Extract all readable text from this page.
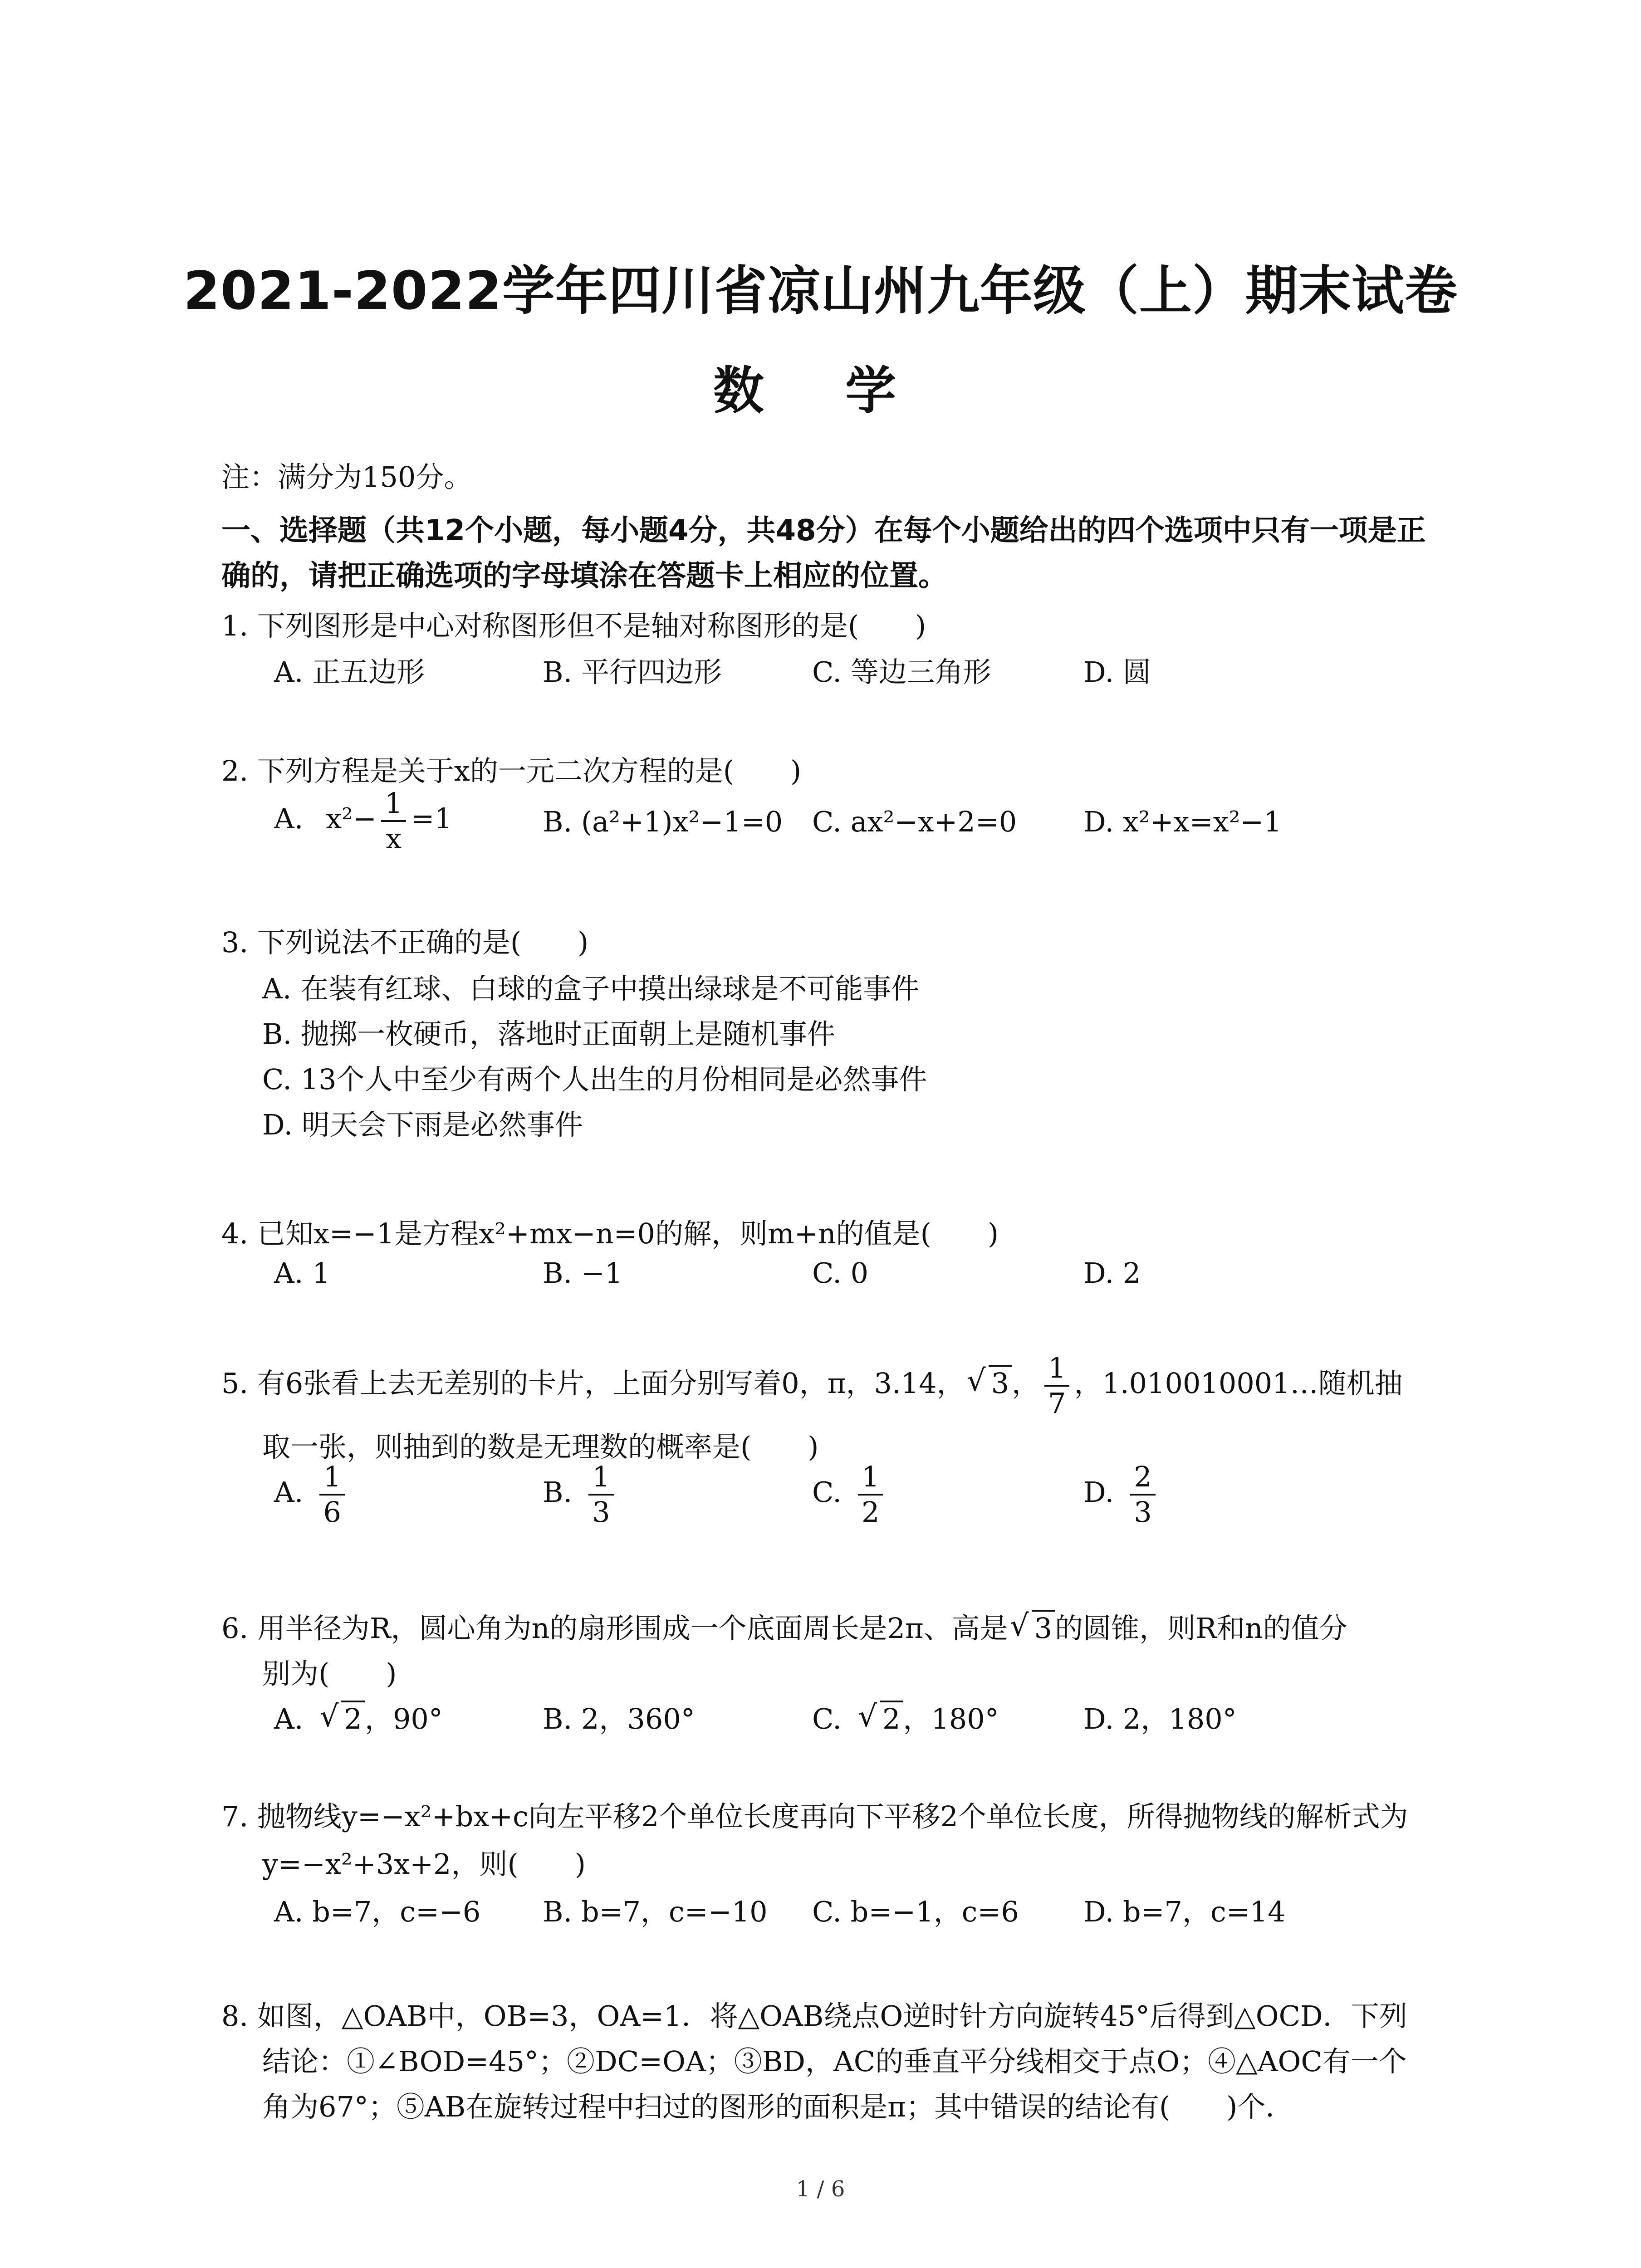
2021-2022学年四川省凉山州九年级（上）期末试卷
数 学
注：满分为150分。
一、选择题（共12个小题，每小题4分，共48分）在每个小题给出的四个选项中只有一项是正确的，请把正确选项的字母填涂在答题卡上相应的位置。
1. 下列图形是中心对称图形但不是轴对称图形的是(　　)
A. 正五边形	B. 平行四边形	C. 等边三角形	D. 圆
2. 下列方程是关于x的一元二次方程的是(　　)
A. $x^2- \frac{1}{x} =1$	B. (a²+1)x²−1=0 C. ax²−x+2=0 D. x²+x=x²−1
3. 下列说法不正确的是(　　)
A. 在装有红球、白球的盒子中摸出绿球是不可能事件
B. 抛掷一枚硬币，落地时正面朝上是随机事件
C. 13个人中至少有两个人出生的月份相同是必然事件
D. 明天会下雨是必然事件
4. 已知x=−1是方程x²+mx−n=0的解，则m+n的值是(　　)
A. 1	B. −1	C. 0	D. 2
5. 有6张看上去无差别的卡片，上面分别写着0，π，3.14， √ 3， $\frac{1}{7}$ ，1.010010001…随机抽
取一张，则抽到的数是无理数的概率是(　　)
A. $\frac{1}{6}$	B. $\frac{1}{3}$	C. $\frac{1}{2}$	D. $\frac{2}{3}$
6. 用半径为R，圆心角为n的扇形围成一个底面周长是2π、高是 √ 3的圆锥，则R和n的值分
别为(　　)
A. √ 2，90°	B. 2，360°	C. √ 2，180°	D. 2，180°
7. 抛物线y=−x²+bx+c向左平移2个单位长度再向下平移2个单位长度，所得抛物线的解析式为
y=−x²+3x+2，则(　　)
A. b=7，c=−6 B. b=7，c=−10 C. b=−1，c=6 D. b=7，c=14
8. 如图，△OAB中，OB=3，OA=1．将△OAB绕点O逆时针方向旋转45°后得到△OCD．下列
结论：①∠BOD=45°；②DC=OA；③BD，AC的垂直平分线相交于点O；④△AOC有一个
角为67°；⑤AB在旋转过程中扫过的图形的面积是π；其中错误的结论有(　　)个．
1 / 6
